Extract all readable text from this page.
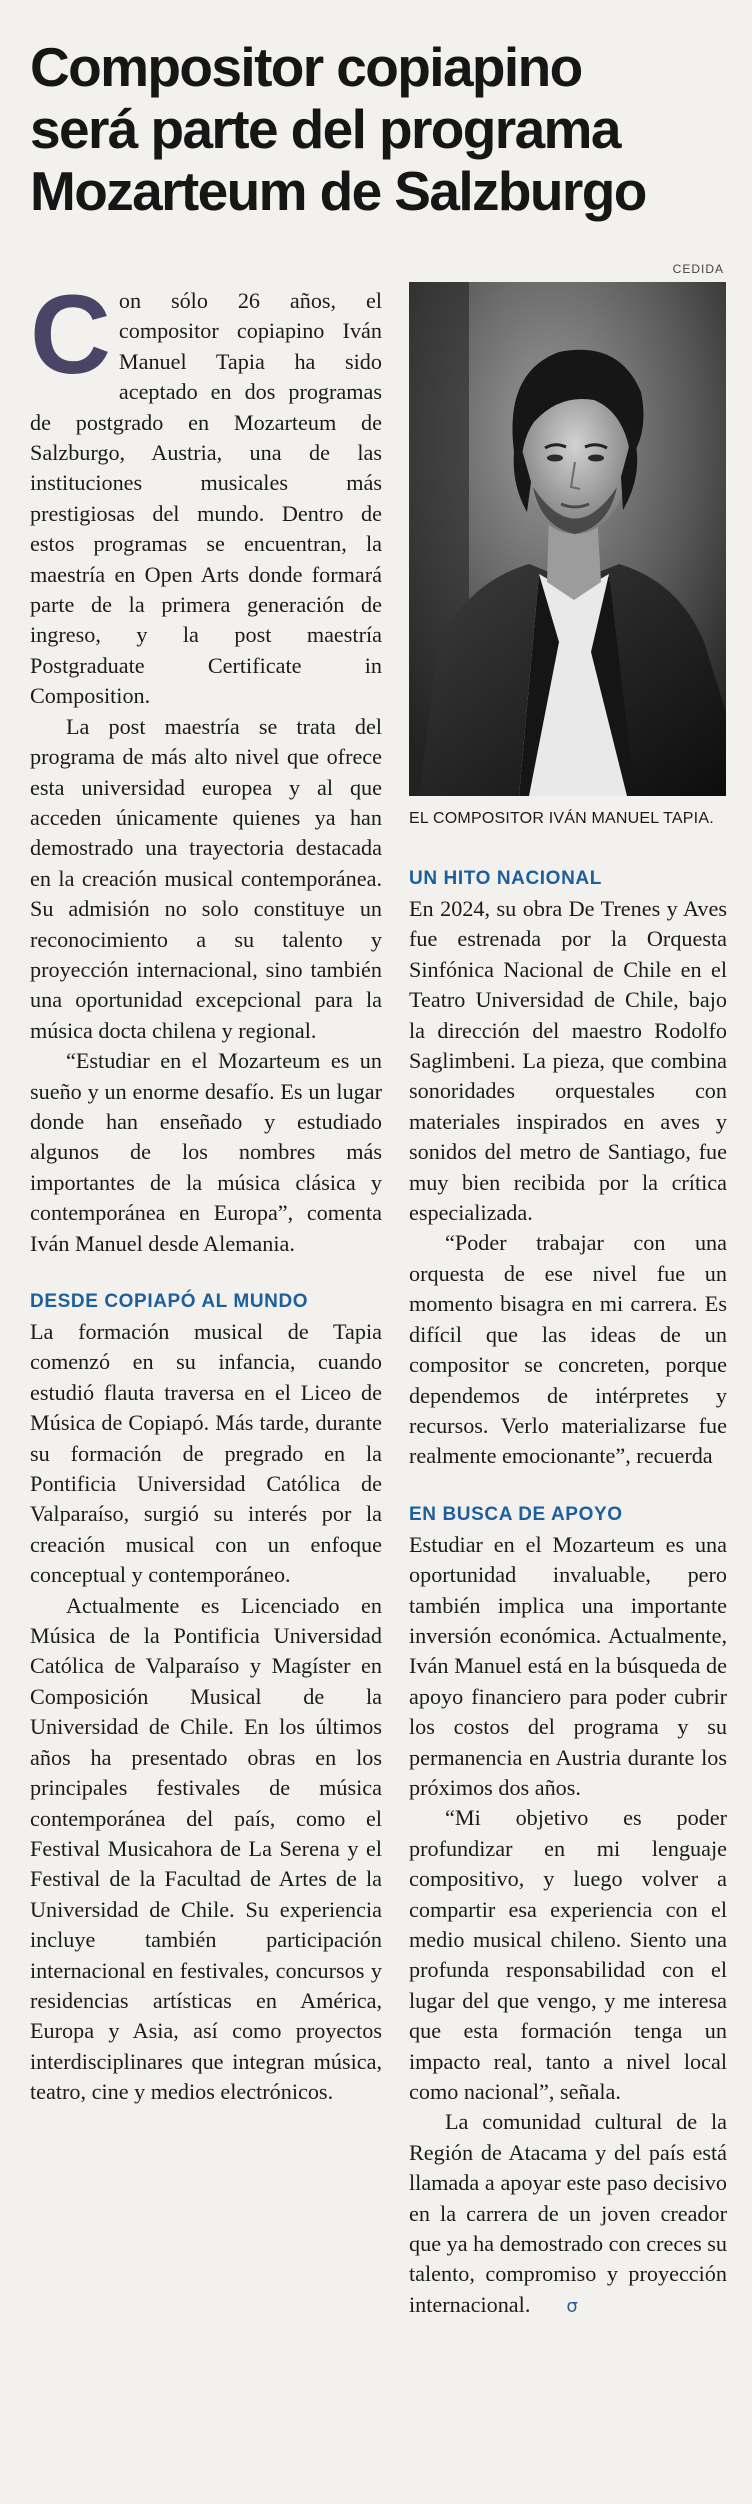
Compositor copiapino
será parte del programa
Mozarteum de Salzburgo
CEDIDA
EL COMPOSITOR IVÁN MANUEL TAPIA.

Con sólo 26 años, el compositor copiapino Iván Manuel Tapia ha sido aceptado en dos programas de postgrado en Mozarteum de Salzburgo, Austria, una de las instituciones musicales más prestigiosas del mundo. Dentro de estos programas se encuentran, la maestría en Open Arts donde formará parte de la primera generación de ingreso, y la post maestría Postgraduate Certificate in Composition.

La post maestría se trata del programa de más alto nivel que ofrece esta universidad europea y al que acceden únicamente quienes ya han demostrado una trayectoria destacada en la creación musical contemporánea. Su admisión no solo constituye un reconocimiento a su talento y proyección internacional, sino también una oportunidad excepcional para la música docta chilena y regional.

“Estudiar en el Mozarteum es un sueño y un enorme desafío. Es un lugar donde han enseñado y estudiado algunos de los nombres más importantes de la música clásica y contemporánea en Europa”, comenta Iván Manuel desde Alemania.

DESDE COPIAPÓ AL MUNDO

La formación musical de Tapia comenzó en su infancia, cuando estudió flauta traversa en el Liceo de Música de Copiapó. Más tarde, durante su formación de pregrado en la Pontificia Universidad Católica de Valparaíso, surgió su interés por la creación musical con un enfoque conceptual y contemporáneo.

Actualmente es Licenciado en Música de la Pontificia Universidad Católica de Valparaíso y Magíster en Composición Musical de la Universidad de Chile. En los últimos años ha presentado obras en los principales festivales de música contemporánea del país, como el Festival Musicahora de La Serena y el Festival de la Facultad de Artes de la Universidad de Chile. Su experiencia incluye también participación internacional en festivales, concursos y residencias artísticas en América, Europa y Asia, así como proyectos interdisciplinares que integran música, teatro, cine y medios electrónicos.

UN HITO NACIONAL

En 2024, su obra De Trenes y Aves fue estrenada por la Orquesta Sinfónica Nacional de Chile en el Teatro Universidad de Chile, bajo la dirección del maestro Rodolfo Saglimbeni. La pieza, que combina sonoridades orquestales con materiales inspirados en aves y sonidos del metro de Santiago, fue muy bien recibida por la crítica especializada.

“Poder trabajar con una orquesta de ese nivel fue un momento bisagra en mi carrera. Es difícil que las ideas de un compositor se concreten, porque dependemos de intérpretes y recursos. Verlo materializarse fue realmente emocionante”, recuerda

EN BUSCA DE APOYO

Estudiar en el Mozarteum es una oportunidad invaluable, pero también implica una importante inversión económica. Actualmente, Iván Manuel está en la búsqueda de apoyo financiero para poder cubrir los costos del programa y su permanencia en Austria durante los próximos dos años.

“Mi objetivo es poder profundizar en mi lenguaje compositivo, y luego volver a compartir esa experiencia con el medio musical chileno. Siento una profunda responsabilidad con el lugar del que vengo, y me interesa que esta formación tenga un impacto real, tanto a nivel local como nacional”, señala.

La comunidad cultural de la Región de Atacama y del país está llamada a apoyar este paso decisivo en la carrera de un joven creador que ya ha demostrado con creces su talento, compromiso y proyección internacional. σ
